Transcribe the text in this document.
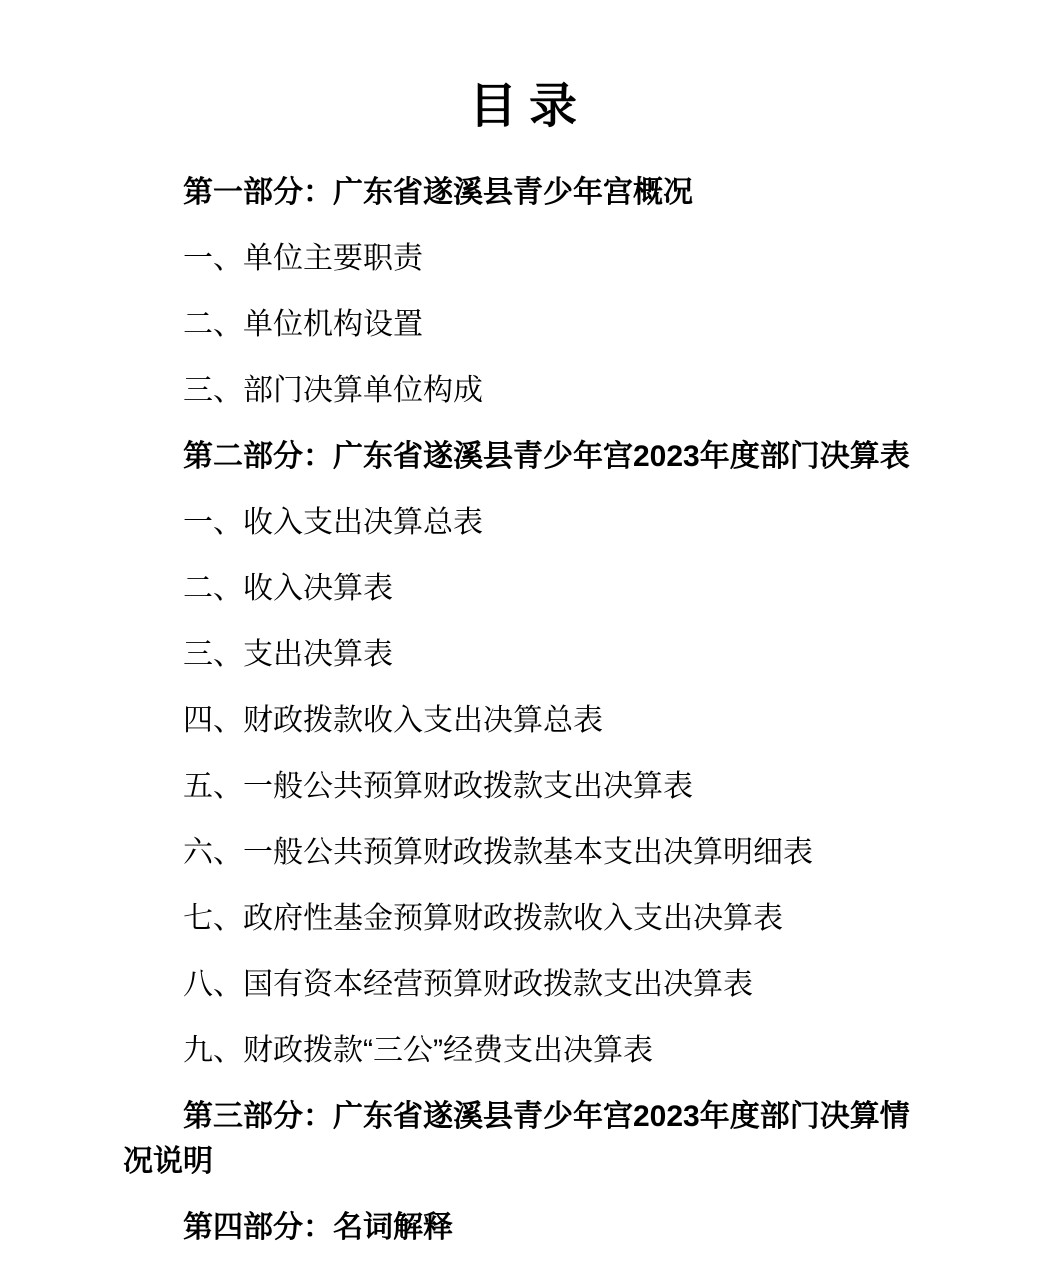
目 录

第一部分：广东省遂溪县青少年宫概况

一、单位主要职责

二、单位机构设置

三、部门决算单位构成

第二部分：广东省遂溪县青少年宫2023年度部门决算表

一、收入支出决算总表

二、收入决算表

三、支出决算表

四、财政拨款收入支出决算总表

五、一般公共预算财政拨款支出决算表

六、一般公共预算财政拨款基本支出决算明细表

七、政府性基金预算财政拨款收入支出决算表

八、国有资本经营预算财政拨款支出决算表

九、财政拨款“三公”经费支出决算表

第三部分：广东省遂溪县青少年宫2023年度部门决算情况说明

第四部分：名词解释
